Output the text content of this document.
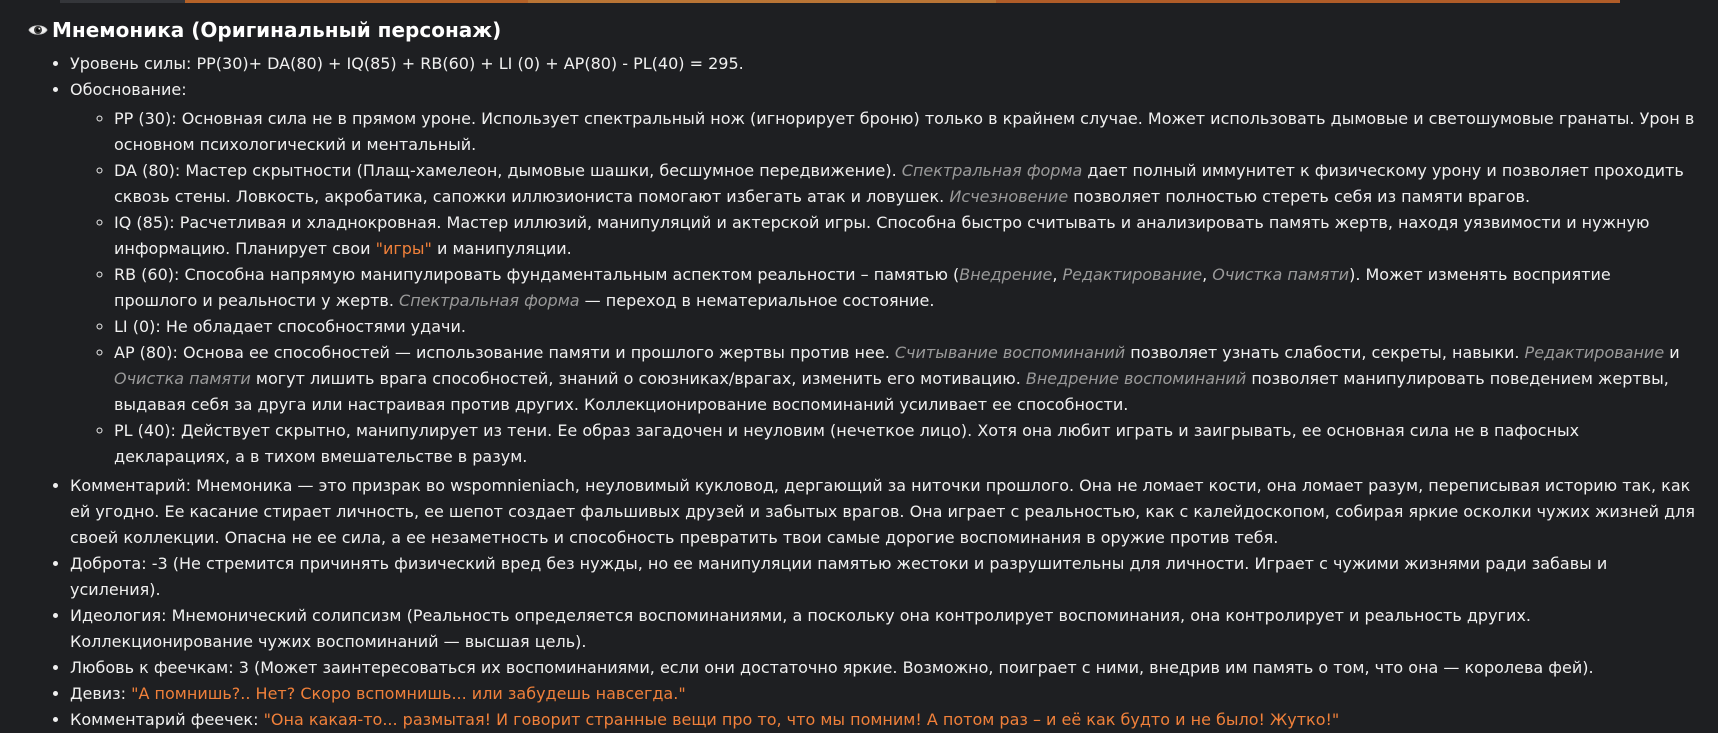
Мнемоника (Оригинальный персонаж)
• Уровень силы: PP(30)+ DA(80) + IQ(85) + RB(60) + LI (0) + AP(80) - PL(40) = 295.
• Обоснование:
◦ PP (30): Основная сила не в прямом уроне. Использует спектральный нож (игнорирует броню) только в крайнем случае. Может использовать дымовые и светошумовые гранаты. Урон в основном психологический и ментальный.
◦ DA (80): Мастер скрытности (Плащ-хамелеон, дымовые шашки, бесшумное передвижение). Спектральная форма дает полный иммунитет к физическому урону и позволяет проходить сквозь стены. Ловкость, акробатика, сапожки иллюзиониста помогают избегать атак и ловушек. Исчезновение позволяет полностью стереть себя из памяти врагов.
◦ IQ (85): Расчетливая и хладнокровная. Мастер иллюзий, манипуляций и актерской игры. Способна быстро считывать и анализировать память жертв, находя уязвимости и нужную информацию. Планирует свои "игры" и манипуляции.
◦ RB (60): Способна напрямую манипулировать фундаментальным аспектом реальности – памятью (Внедрение, Редактирование, Очистка памяти). Может изменять восприятие прошлого и реальности у жертв. Спектральная форма — переход в нематериальное состояние.
◦ LI (0): Не обладает способностями удачи.
◦ AP (80): Основа ее способностей — использование памяти и прошлого жертвы против нее. Считывание воспоминаний позволяет узнать слабости, секреты, навыки. Редактирование и Очистка памяти могут лишить врага способностей, знаний о союзниках/врагах, изменить его мотивацию. Внедрение воспоминаний позволяет манипулировать поведением жертвы, выдавая себя за друга или настраивая против других. Коллекционирование воспоминаний усиливает ее способности.
◦ PL (40): Действует скрытно, манипулирует из тени. Ее образ загадочен и неуловим (нечеткое лицо). Хотя она любит играть и заигрывать, ее основная сила не в пафосных декларациях, а в тихом вмешательстве в разум.
• Комментарий: Мнемоника — это призрак во wspomnieniach, неуловимый кукловод, дергающий за ниточки прошлого. Она не ломает кости, она ломает разум, переписывая историю так, как ей угодно. Ее касание стирает личность, ее шепот создает фальшивых друзей и забытых врагов. Она играет с реальностью, как с калейдоскопом, собирая яркие осколки чужих жизней для своей коллекции. Опасна не ее сила, а ее незаметность и способность превратить твои самые дорогие воспоминания в оружие против тебя.
• Доброта: -3 (Не стремится причинять физический вред без нужды, но ее манипуляции памятью жестоки и разрушительны для личности. Играет с чужими жизнями ради забавы и усиления).
• Идеология: Мнемонический солипсизм (Реальность определяется воспоминаниями, а поскольку она контролирует воспоминания, она контролирует и реальность других. Коллекционирование чужих воспоминаний — высшая цель).
• Любовь к феечкам: 3 (Может заинтересоваться их воспоминаниями, если они достаточно яркие. Возможно, поиграет с ними, внедрив им память о том, что она — королева фей).
• Девиз: "А помнишь?.. Нет? Скоро вспомнишь... или забудешь навсегда."
• Комментарий феечек: "Она какая-то... размытая! И говорит странные вещи про то, что мы помним! А потом раз – и её как будто и не было! Жутко!"
